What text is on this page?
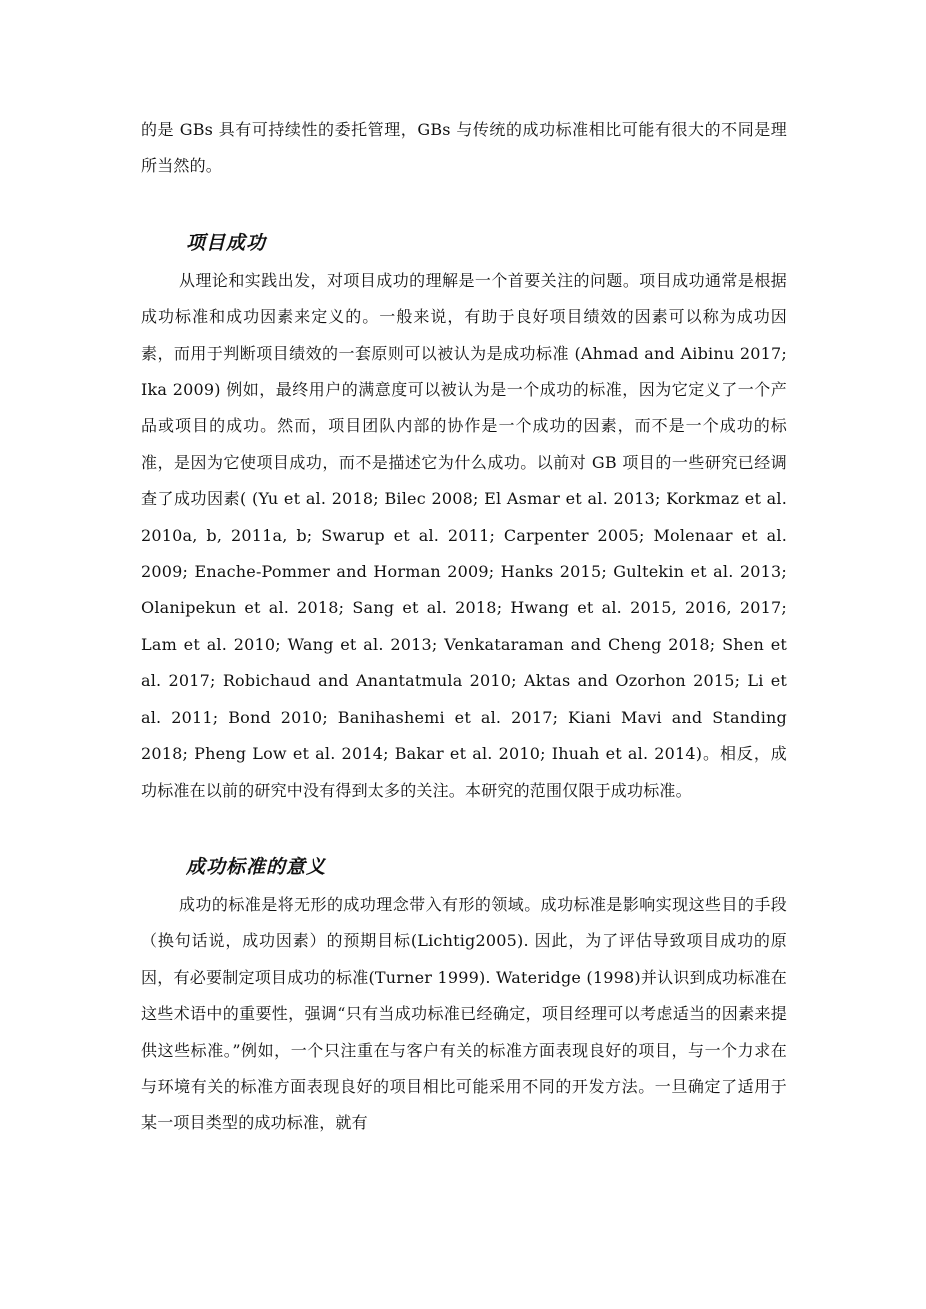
的是 GBs 具有可持续性的委托管理，GBs 与传统的成功标准相比可能有很大的不同是理所当然的。

项目成功

从理论和实践出发，对项目成功的理解是一个首要关注的问题。项目成功通常是根据成功标准和成功因素来定义的。一般来说，有助于良好项目绩效的因素可以称为成功因素，而用于判断项目绩效的一套原则可以被认为是成功标准 (Ahmad and Aibinu 2017; Ika 2009) 例如，最终用户的满意度可以被认为是一个成功的标准，因为它定义了一个产品或项目的成功。然而，项目团队内部的协作是一个成功的因素，而不是一个成功的标准，是因为它使项目成功，而不是描述它为什么成功。以前对 GB 项目的一些研究已经调查了成功因素( (Yu et al. 2018; Bilec 2008; El Asmar et al. 2013; Korkmaz et al. 2010a, b, 2011a, b; Swarup et al. 2011; Carpenter 2005; Molenaar et al. 2009; Enache-Pommer and Horman 2009; Hanks 2015; Gultekin et al. 2013; Olanipekun et al. 2018; Sang et al. 2018; Hwang et al. 2015, 2016, 2017; Lam et al. 2010; Wang et al. 2013; Venkataraman and Cheng 2018; Shen et al. 2017; Robichaud and Anantatmula 2010; Aktas and Ozorhon 2015; Li et al. 2011; Bond 2010; Banihashemi et al. 2017; Kiani Mavi and Standing 2018; Pheng Low et al. 2014; Bakar et al. 2010; Ihuah et al. 2014)。相反，成功标准在以前的研究中没有得到太多的关注。本研究的范围仅限于成功标准。

成功标准的意义

成功的标准是将无形的成功理念带入有形的领域。成功标准是影响实现这些目的手段（换句话说，成功因素）的预期目标(Lichtig2005). 因此，为了评估导致项目成功的原因，有必要制定项目成功的标准(Turner 1999). Wateridge (1998)并认识到成功标准在这些术语中的重要性，强调“只有当成功标准已经确定，项目经理可以考虑适当的因素来提供这些标准。”例如，一个只注重在与客户有关的标准方面表现良好的项目，与一个力求在与环境有关的标准方面表现良好的项目相比可能采用不同的开发方法。一旦确定了适用于某一项目类型的成功标准，就有
